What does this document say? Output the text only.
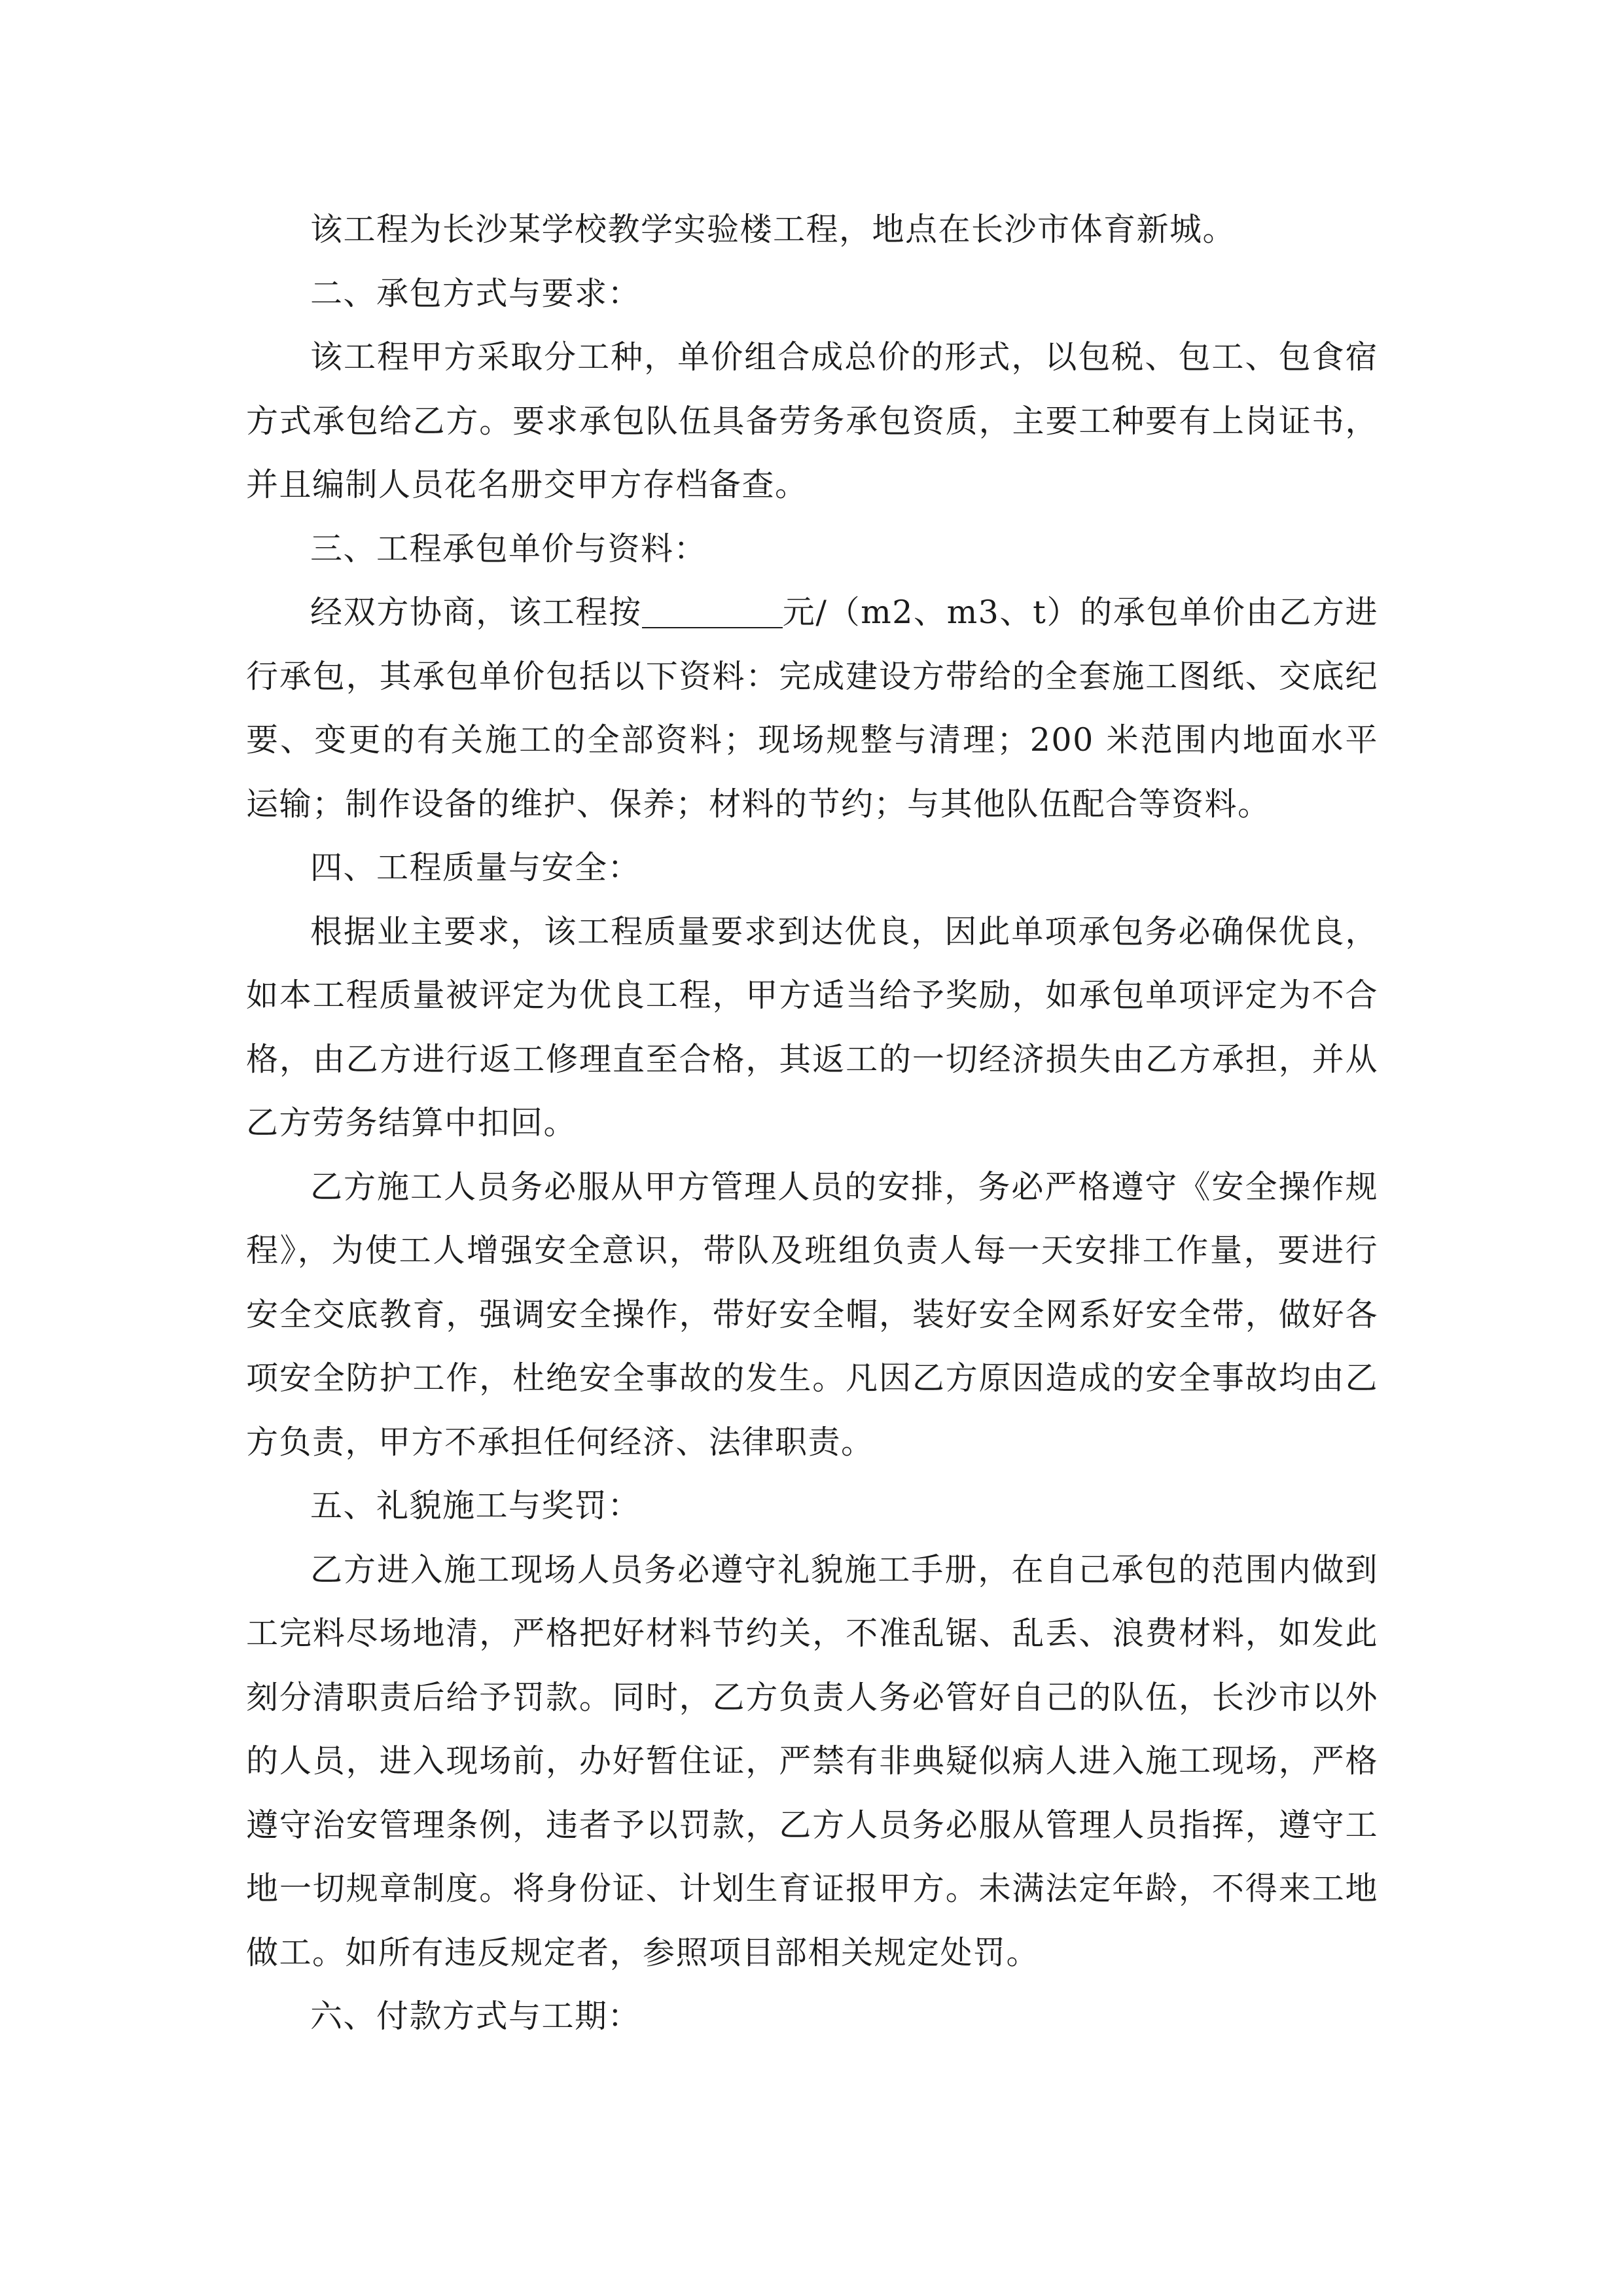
该工程为长沙某学校教学实验楼工程，地点在长沙市体育新城。

二、承包方式与要求：

该工程甲方采取分工种，单价组合成总价的形式，以包税、包工、包食宿方式承包给乙方。要求承包队伍具备劳务承包资质，主要工种要有上岗证书，并且编制人员花名册交甲方存档备查。

三、工程承包单价与资料：

经双方协商，该工程按	元/（m2、m3、t）的承包单价由乙方进行承包，其承包单价包括以下资料：完成建设方带给的全套施工图纸、交底纪要、变更的有关施工的全部资料；现场规整与清理；200 米范围内地面水平运输；制作设备的维护、保养；材料的节约；与其他队伍配合等资料。

四、工程质量与安全：

根据业主要求，该工程质量要求到达优良，因此单项承包务必确保优良，如本工程质量被评定为优良工程，甲方适当给予奖励，如承包单项评定为不合格，由乙方进行返工修理直至合格，其返工的一切经济损失由乙方承担，并从乙方劳务结算中扣回。

乙方施工人员务必服从甲方管理人员的安排，务必严格遵守《安全操作规程》，为使工人增强安全意识，带队及班组负责人每一天安排工作量，要进行安全交底教育，强调安全操作，带好安全帽，装好安全网系好安全带，做好各项安全防护工作，杜绝安全事故的发生。凡因乙方原因造成的安全事故均由乙方负责，甲方不承担任何经济、法律职责。

五、礼貌施工与奖罚：

乙方进入施工现场人员务必遵守礼貌施工手册，在自己承包的范围内做到工完料尽场地清，严格把好材料节约关，不准乱锯、乱丢、浪费材料，如发此刻分清职责后给予罚款。同时，乙方负责人务必管好自己的队伍，长沙市以外的人员，进入现场前，办好暂住证，严禁有非典疑似病人进入施工现场，严格遵守治安管理条例，违者予以罚款，乙方人员务必服从管理人员指挥，遵守工地一切规章制度。将身份证、计划生育证报甲方。未满法定年龄，不得来工地做工。如所有违反规定者，参照项目部相关规定处罚。

六、付款方式与工期：
